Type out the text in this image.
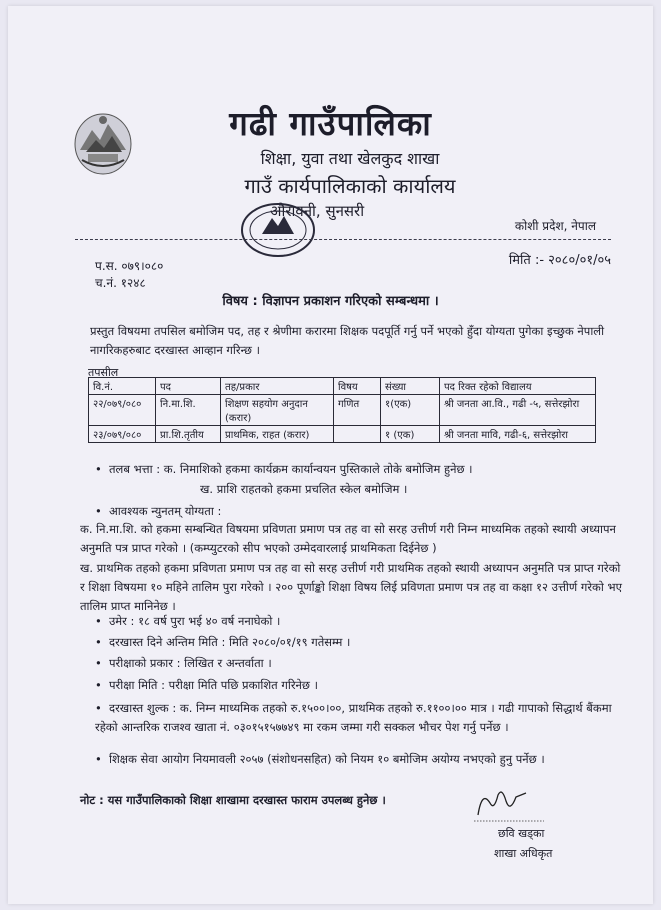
गढी गाउँपालिका
शिक्षा, युवा तथा खेलकुद शाखा
गाउँ कार्यपालिकाको कार्यालय
औरावनी, सुनसरी
कोशी प्रदेश, नेपाल
प.स. ०७९।०८०
च.नं. १२४८
मिति :- २०८०/०१/०५
विषय : विज्ञापन प्रकाशन गरिएको सम्बन्धमा ।
प्रस्तुत विषयमा तपसिल बमोजिम पद, तह र श्रेणीमा करारमा शिक्षक पदपूर्ति गर्नु पर्ने भएको हुँदा योग्यता पुगेका इच्छुक नेपाली नागरिकहरुबाट दरखास्त आव्हान गरिन्छ ।
तपसील
वि.नं.	पद	तह/प्रकार	विषय	संख्या	पद रिक्त रहेको विद्यालय
२२/०७९/०८०	नि.मा.शि.	शिक्षण सहयोग अनुदान (करार)	गणित	१(एक)	श्री जनता आ.वि., गढी -५, सत्तेरझोरा
२३/०७९/०८०	प्रा.शि.तृतीय	प्राथमिक, राहत (करार)		१ (एक)	श्री जनता मावि, गढी-६, सत्तेरझोरा
• तलब भत्ता : क. निमाशिको हकमा कार्यक्रम कार्यान्वयन पुस्तिकाले तोके बमोजिम हुनेछ ।
ख. प्राशि राहतको हकमा प्रचलित स्केल बमोजिम ।
• आवश्यक न्युनतम् योग्यता :
क. नि.मा.शि. को हकमा सम्बन्धित विषयमा प्रविणता प्रमाण पत्र तह वा सो सरह उत्तीर्ण गरी निम्न माध्यमिक तहको स्थायी अध्यापन अनुमति पत्र प्राप्त गरेको । (कम्प्युटरको सीप भएको उम्मेदवारलाई प्राथमिकता दिईनेछ )
ख. प्राथमिक तहको हकमा प्रविणता प्रमाण पत्र तह वा सो सरह उत्तीर्ण गरी प्राथमिक तहको स्थायी अध्यापन अनुमति पत्र प्राप्त गरेको र शिक्षा विषयमा १० महिने तालिम पुरा गरेको । २०० पूर्णाङ्को शिक्षा विषय लिई प्रविणता प्रमाण पत्र तह वा कक्षा १२ उत्तीर्ण गरेको भए तालिम प्राप्त मानिनेछ ।
• उमेर : १८ वर्ष पुरा भई ४० वर्ष ननाघेको ।
• दरखास्त दिने अन्तिम मिति : मिति २०८०/०१/१९ गतेसम्म ।
• परीक्षाको प्रकार : लिखित र अन्तर्वाता ।
• परीक्षा मिति : परीक्षा मिति पछि प्रकाशित गरिनेछ ।
• दरखास्त शुल्क : क. निम्न माध्यमिक तहको रु.१५००।००, प्राथमिक तहको रु.११००।०० मात्र । गढी गापाको सिद्धार्थ बैंकमा रहेको आन्तरिक राजश्व खाता नं. ०३०१५१५७७४९ मा रकम जम्मा गरी सक्कल भौचर पेश गर्नु पर्नेछ ।
• शिक्षक सेवा आयोग नियमावली २०५७ (संशोधनसहित) को नियम १० बमोजिम अयोग्य नभएको हुनु पर्नेछ ।
नोट : यस गाउँपालिकाको शिक्षा शाखामा दरखास्त फाराम उपलब्ध हुनेछ ।
छवि खड्का
शाखा अधिकृत
